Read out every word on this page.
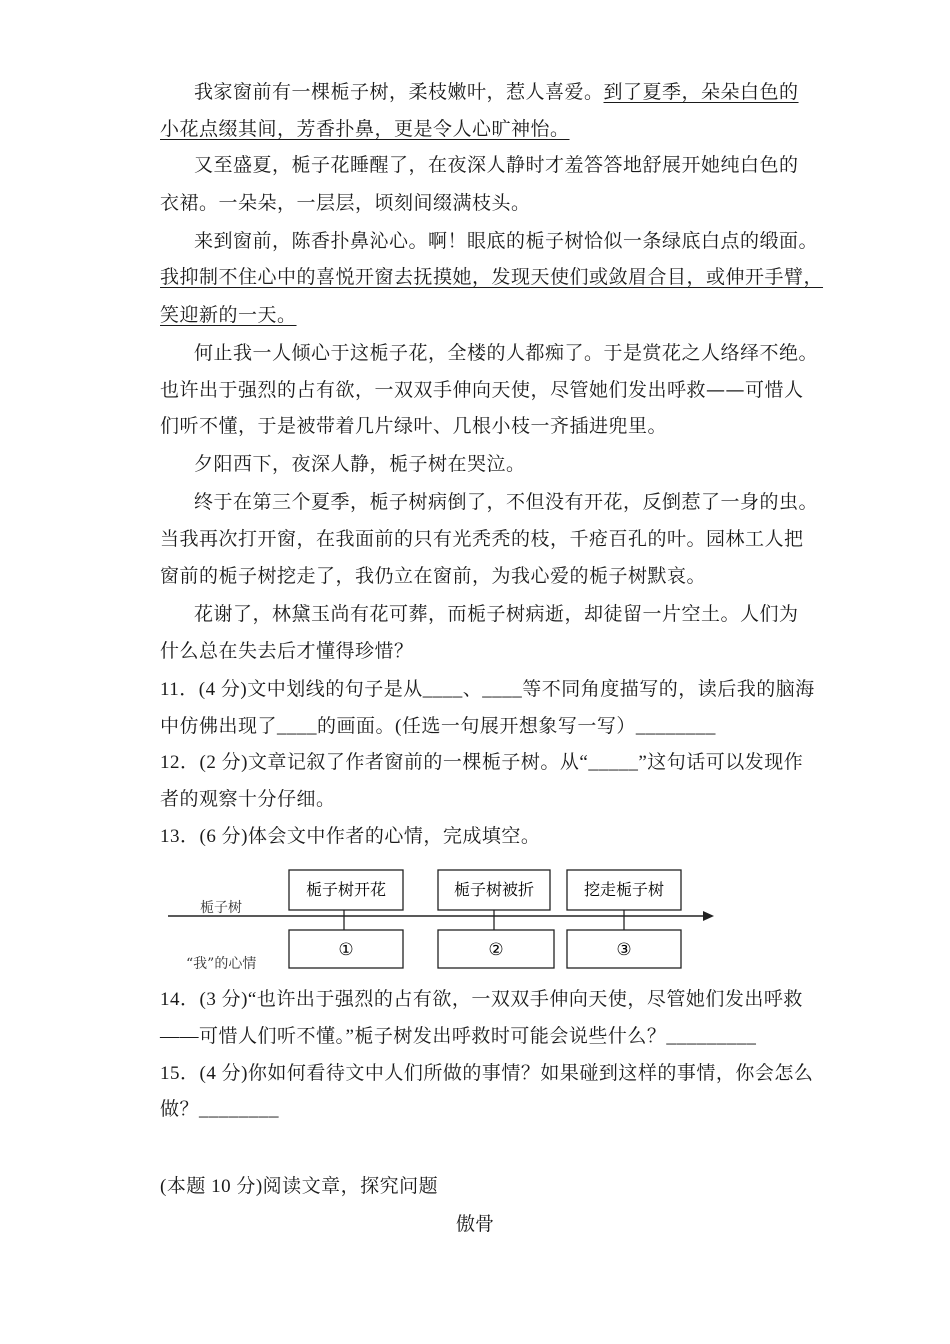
我家窗前有一棵栀子树，柔枝嫩叶，惹人喜爱。到了夏季，朵朵白色的
小花点缀其间，芳香扑鼻，更是令人心旷神怡。
又至盛夏，栀子花睡醒了，在夜深人静时才羞答答地舒展开她纯白色的
衣裙。一朵朵，一层层，顷刻间缀满枝头。
来到窗前，陈香扑鼻沁心。啊！眼底的栀子树恰似一条绿底白点的缎面。
我抑制不住心中的喜悦开窗去抚摸她，发现天使们或敛眉合目，或伸开手臂，
笑迎新的一天。
何止我一人倾心于这栀子花，全楼的人都痴了。于是赏花之人络绎不绝。
也许出于强烈的占有欲，一双双手伸向天使，尽管她们发出呼救——可惜人
们听不懂，于是被带着几片绿叶、几根小枝一齐插进兜里。
夕阳西下，夜深人静，栀子树在哭泣。
终于在第三个夏季，栀子树病倒了，不但没有开花，反倒惹了一身的虫。
当我再次打开窗，在我面前的只有光秃秃的枝，千疮百孔的叶。园林工人把
窗前的栀子树挖走了，我仍立在窗前，为我心爱的栀子树默哀。
花谢了，林黛玉尚有花可葬，而栀子树病逝，却徒留一片空土。人们为
什么总在失去后才懂得珍惜？
11．(4 分)文中划线的句子是从____、____等不同角度描写的，读后我的脑海
中仿佛出现了____的画面。(任选一句展开想象写一写）________
12．(2 分)文章记叙了作者窗前的一棵栀子树。从“_____”这句话可以发现作
者的观察十分仔细。
13．(6 分)体会文中作者的心情，完成填空。
栀子树
“我”的心情
栀子树开花
①
栀子树被折
②
挖走栀子树
③
14．(3 分)“也许出于强烈的占有欲，一双双手伸向天使，尽管她们发出呼救
——可惜人们听不懂。”栀子树发出呼救时可能会说些什么？_________
15．(4 分)你如何看待文中人们所做的事情？如果碰到这样的事情，你会怎么
做？________
(本题 10 分)阅读文章，探究问题
傲骨
